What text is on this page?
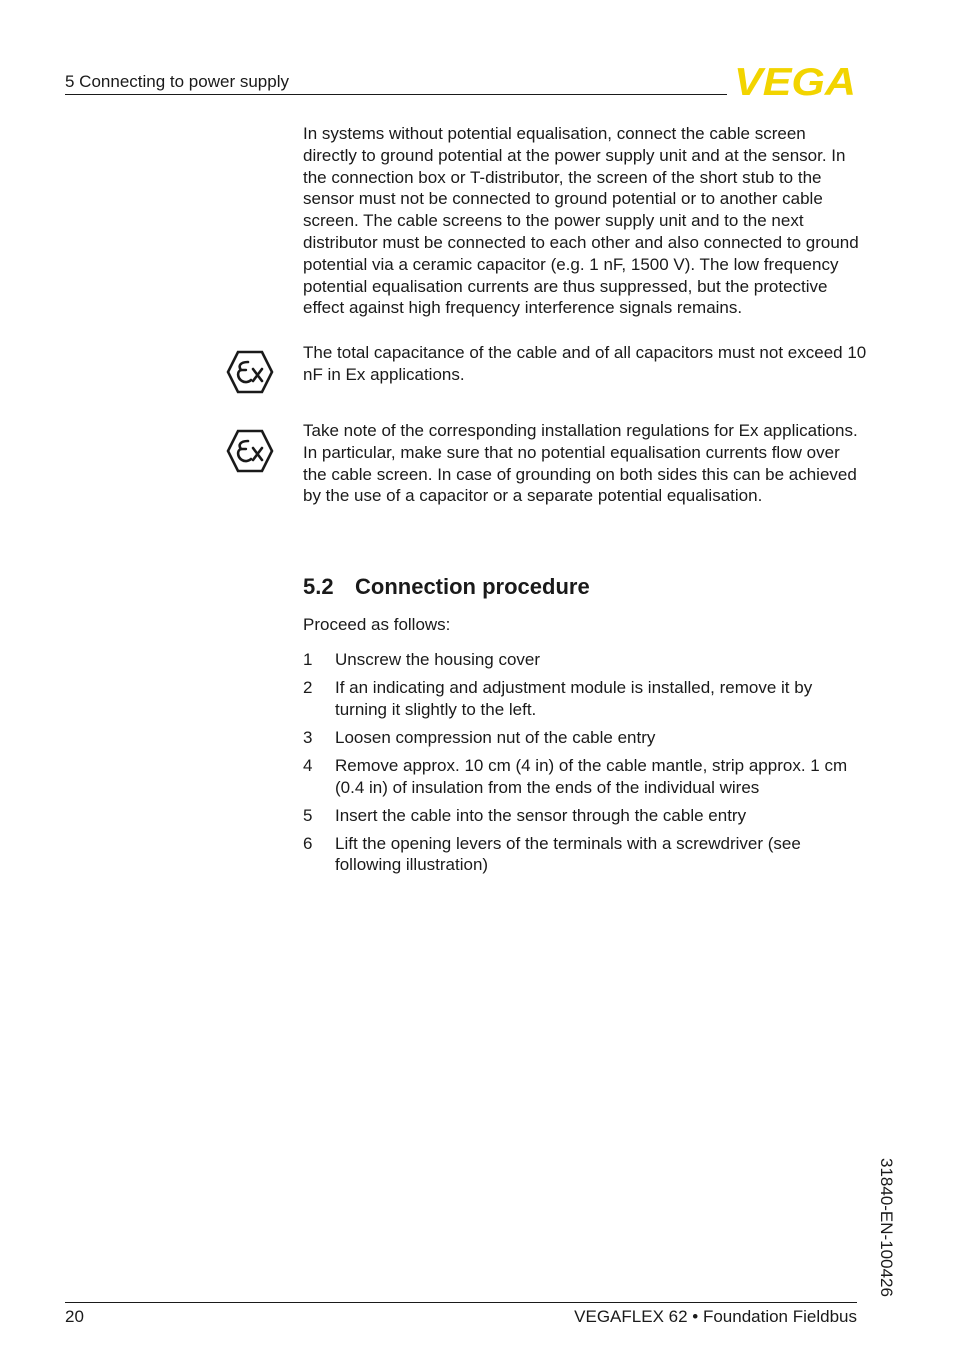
5 Connecting to power supply	VEGA

In systems without potential equalisation, connect the cable screen directly to ground potential at the power supply unit and at the sensor. In the connection box or T-distributor, the screen of the short stub to the sensor must not be connected to ground potential or to another cable screen. The cable screens to the power supply unit and to the next distributor must be connected to each other and also connected to ground potential via a ceramic capacitor (e.g. 1 nF, 1500 V). The low frequency potential equalisation currents are thus suppressed, but the protective effect against high frequency interference signals remains.

The total capacitance of the cable and of all capacitors must not exceed 10 nF in Ex applications.

Take note of the corresponding installation regulations for Ex applications. In particular, make sure that no potential equalisation currents flow over the cable screen. In case of grounding on both sides this can be achieved by the use of a capacitor or a separate potential equalisation.

5.2 Connection procedure
Proceed as follows:
1	Unscrew the housing cover
2	If an indicating and adjustment module is installed, remove it by turning it slightly to the left.
3	Loosen compression nut of the cable entry
4	Remove approx. 10 cm (4 in) of the cable mantle, strip approx. 1 cm (0.4 in) of insulation from the ends of the individual wires
5	Insert the cable into the sensor through the cable entry
6	Lift the opening levers of the terminals with a screwdriver (see following illustration)
31840-EN-100426
20	VEGAFLEX 62 • Foundation Fieldbus
